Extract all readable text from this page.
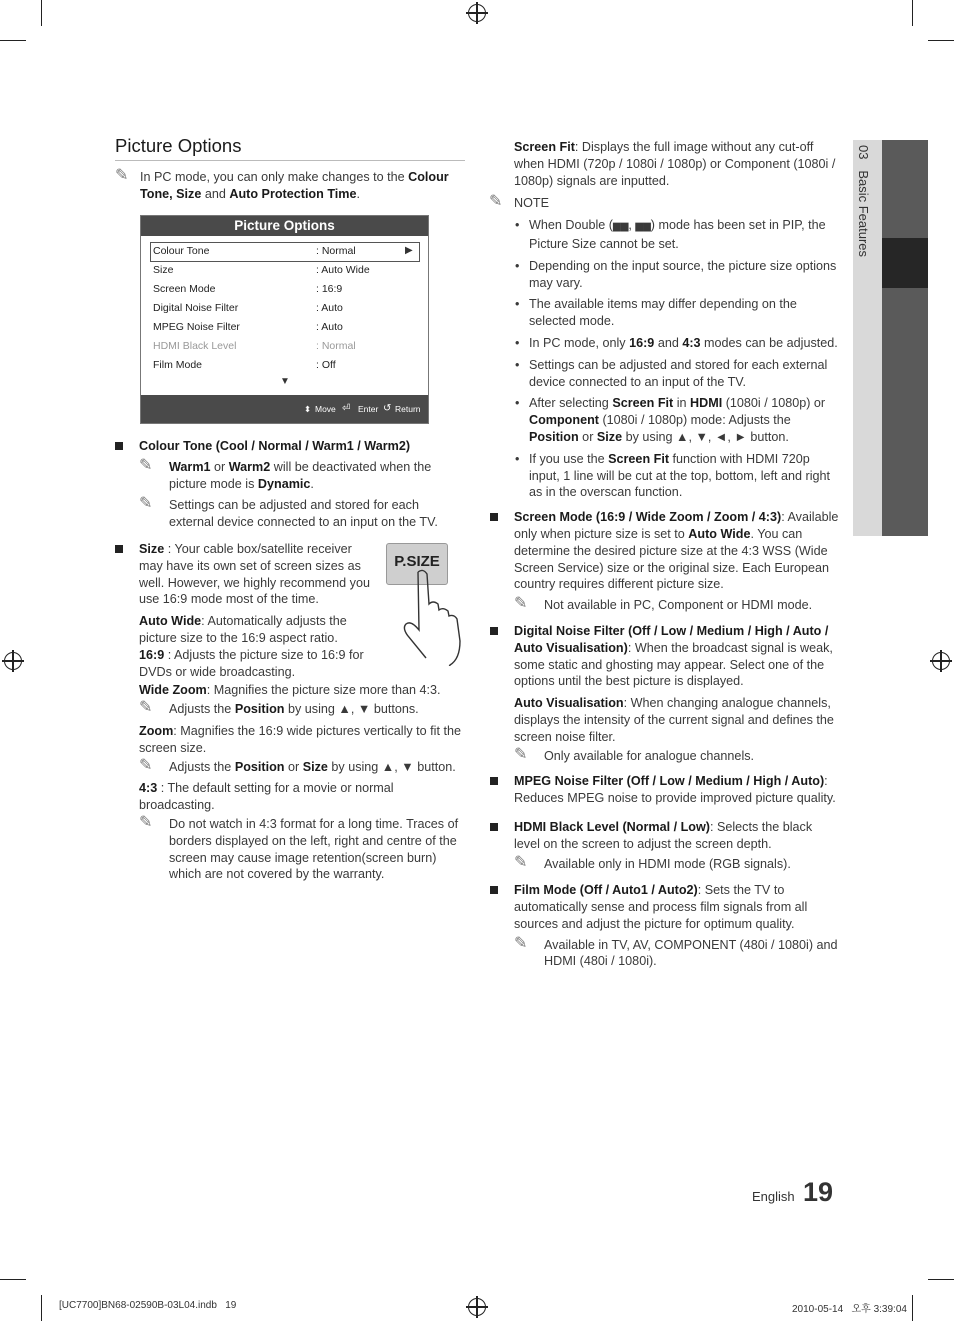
03   Basic Features
Picture Options
✎ In PC mode, you can only make changes to the Colour Tone, Size and Auto Protection Time.
Picture Options
Colour Tone	: Normal	▶
Size	: Auto Wide
Screen Mode	: 16:9
Digital Noise Filter	: Auto
MPEG Noise Filter	: Auto
HDMI Black Level	: Normal
Film Mode	: Off
▼
⬍ Move ⏎ Enter ↺ Return
Colour Tone (Cool / Normal / Warm1 / Warm2)
✎ Warm1 or Warm2 will be deactivated when the picture mode is Dynamic.
✎ Settings can be adjusted and stored for each external device connected to an input on the TV.

Size : Your cable box/satellite receiver may have its own set of screen sizes as well. However, we highly recommend you use 16:9 mode most of the time.

Auto Wide: Automatically adjusts the picture size to the 16:9 aspect ratio.

16:9 : Adjusts the picture size to 16:9 for DVDs or wide broadcasting.

Wide Zoom: Magnifies the picture size more than 4:3.

✎ Adjusts the Position by using ▲, ▼ buttons.

Zoom: Magnifies the 16:9 wide pictures vertically to fit the screen size.

✎ Adjusts the Position or Size by using ▲, ▼ button.

4:3 : The default setting for a movie or normal broadcasting.

✎ Do not watch in 4:3 format for a long time. Traces of borders displayed on the left, right and centre of the screen may cause image retention(screen burn) which are not covered by the warranty.
P.SIZE

Screen Fit: Displays the full image without any cut-off when HDMI (720p / 1080i / 1080p) or Component (1080i / 1080p) signals are inputted.

✎ NOTE
• When Double (▆▆, ▆▆) mode has been set in PIP, the Picture Size cannot be set.
• Depending on the input source, the picture size options may vary.
• The available items may differ depending on the selected mode.
• In PC mode, only 16:9 and 4:3 modes can be adjusted.
• Settings can be adjusted and stored for each external device connected to an input of the TV.
• After selecting Screen Fit in HDMI (1080i / 1080p) or Component (1080i / 1080p) mode: Adjusts the Position or Size by using ▲, ▼, ◄, ► button.
• If you use the Screen Fit function with HDMI 720p input, 1 line will be cut at the top, bottom, left and right as in the overscan function.
Screen Mode (16:9 / Wide Zoom / Zoom / 4:3): Available only when picture size is set to Auto Wide. You can determine the desired picture size at the 4:3 WSS (Wide Screen Service) size or the original size. Each European country requires different picture size.
✎ Not available in PC, Component or HDMI mode.
Digital Noise Filter (Off / Low / Medium / High / Auto / Auto Visualisation): When the broadcast signal is weak, some static and ghosting may appear. Select one of the options until the best picture is displayed.

Auto Visualisation: When changing analogue channels, displays the intensity of the current signal and defines the screen noise filter.

✎ Only available for analogue channels.
MPEG Noise Filter (Off / Low / Medium / High / Auto): Reduces MPEG noise to provide improved picture quality.
HDMI Black Level (Normal / Low): Selects the black level on the screen to adjust the screen depth.
✎ Available only in HDMI mode (RGB signals).
Film Mode (Off / Auto1 / Auto2): Sets the TV to automatically sense and process film signals from all sources and adjust the picture for optimum quality.
✎ Available in TV, AV, COMPONENT (480i / 1080i) and HDMI (480i / 1080i).
English 19
[UC7700]BN68-02590B-03L04.indb   19	2010-05-14   오후 3:39:04
